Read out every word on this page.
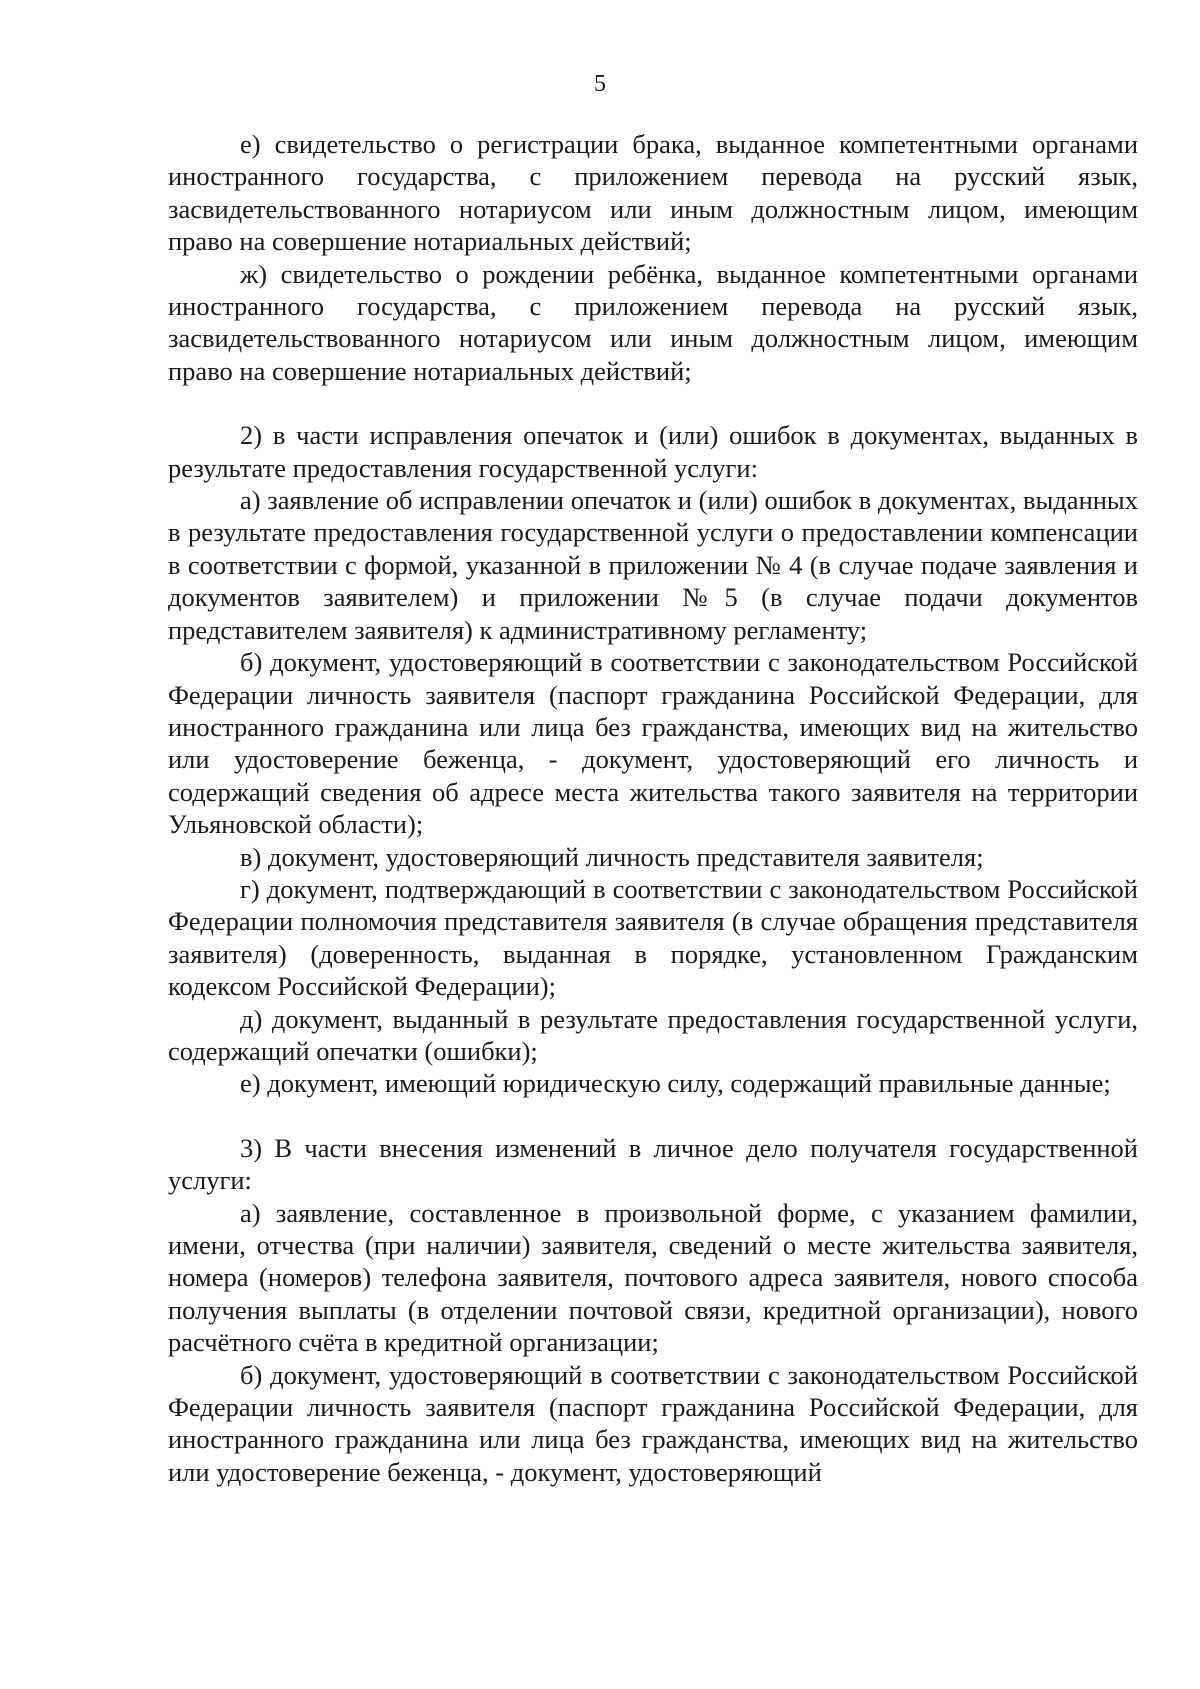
5

е) свидетельство о регистрации брака, выданное компетентными органами иностранного государства, с приложением перевода на русский язык, засвидетельствованного нотариусом или иным должностным лицом, имеющим право на совершение нотариальных действий;

ж) свидетельство о рождении ребёнка, выданное компетентными органами иностранного государства, с приложением перевода на русский язык, засвидетельствованного нотариусом или иным должностным лицом, имеющим право на совершение нотариальных действий;

2) в части исправления опечаток и (или) ошибок в документах, выданных в результате предоставления государственной услуги:

а) заявление об исправлении опечаток и (или) ошибок в документах, выданных в результате предоставления государственной услуги о предоставлении компенсации в соответствии с формой, указанной в приложении № 4 (в случае подаче заявления и документов заявителем) и приложении №5 (в случае подачи документов представителем заявителя) к административному регламенту;

б) документ, удостоверяющий в соответствии с законодательством Российской Федерации личность заявителя (паспорт гражданина Российской Федерации, для иностранного гражданина или лица без гражданства, имеющих вид на жительство или удостоверение беженца, - документ, удостоверяющий его личность и содержащий сведения об адресе места жительства такого заявителя на территории Ульяновской области);

в) документ, удостоверяющий личность представителя заявителя;

г) документ, подтверждающий в соответствии с законодательством Российской Федерации полномочия представителя заявителя (в случае обращения представителя заявителя) (доверенность, выданная в порядке, установленном Гражданским кодексом Российской Федерации);

д) документ, выданный в результате предоставления государственной услуги, содержащий опечатки (ошибки);

е) документ, имеющий юридическую силу, содержащий правильные данные;

3) В части внесения изменений в личное дело получателя государственной услуги:

а) заявление, составленное в произвольной форме, с указанием фамилии, имени, отчества (при наличии) заявителя, сведений о месте жительства заявителя, номера (номеров) телефона заявителя, почтового адреса заявителя, нового способа получения выплаты (в отделении почтовой связи, кредитной организации), нового расчётного счёта в кредитной организации;

б) документ, удостоверяющий в соответствии с законодательством Российской Федерации личность заявителя (паспорт гражданина Российской Федерации, для иностранного гражданина или лица без гражданства, имеющих вид на жительство или удостоверение беженца, - документ, удостоверяющий
